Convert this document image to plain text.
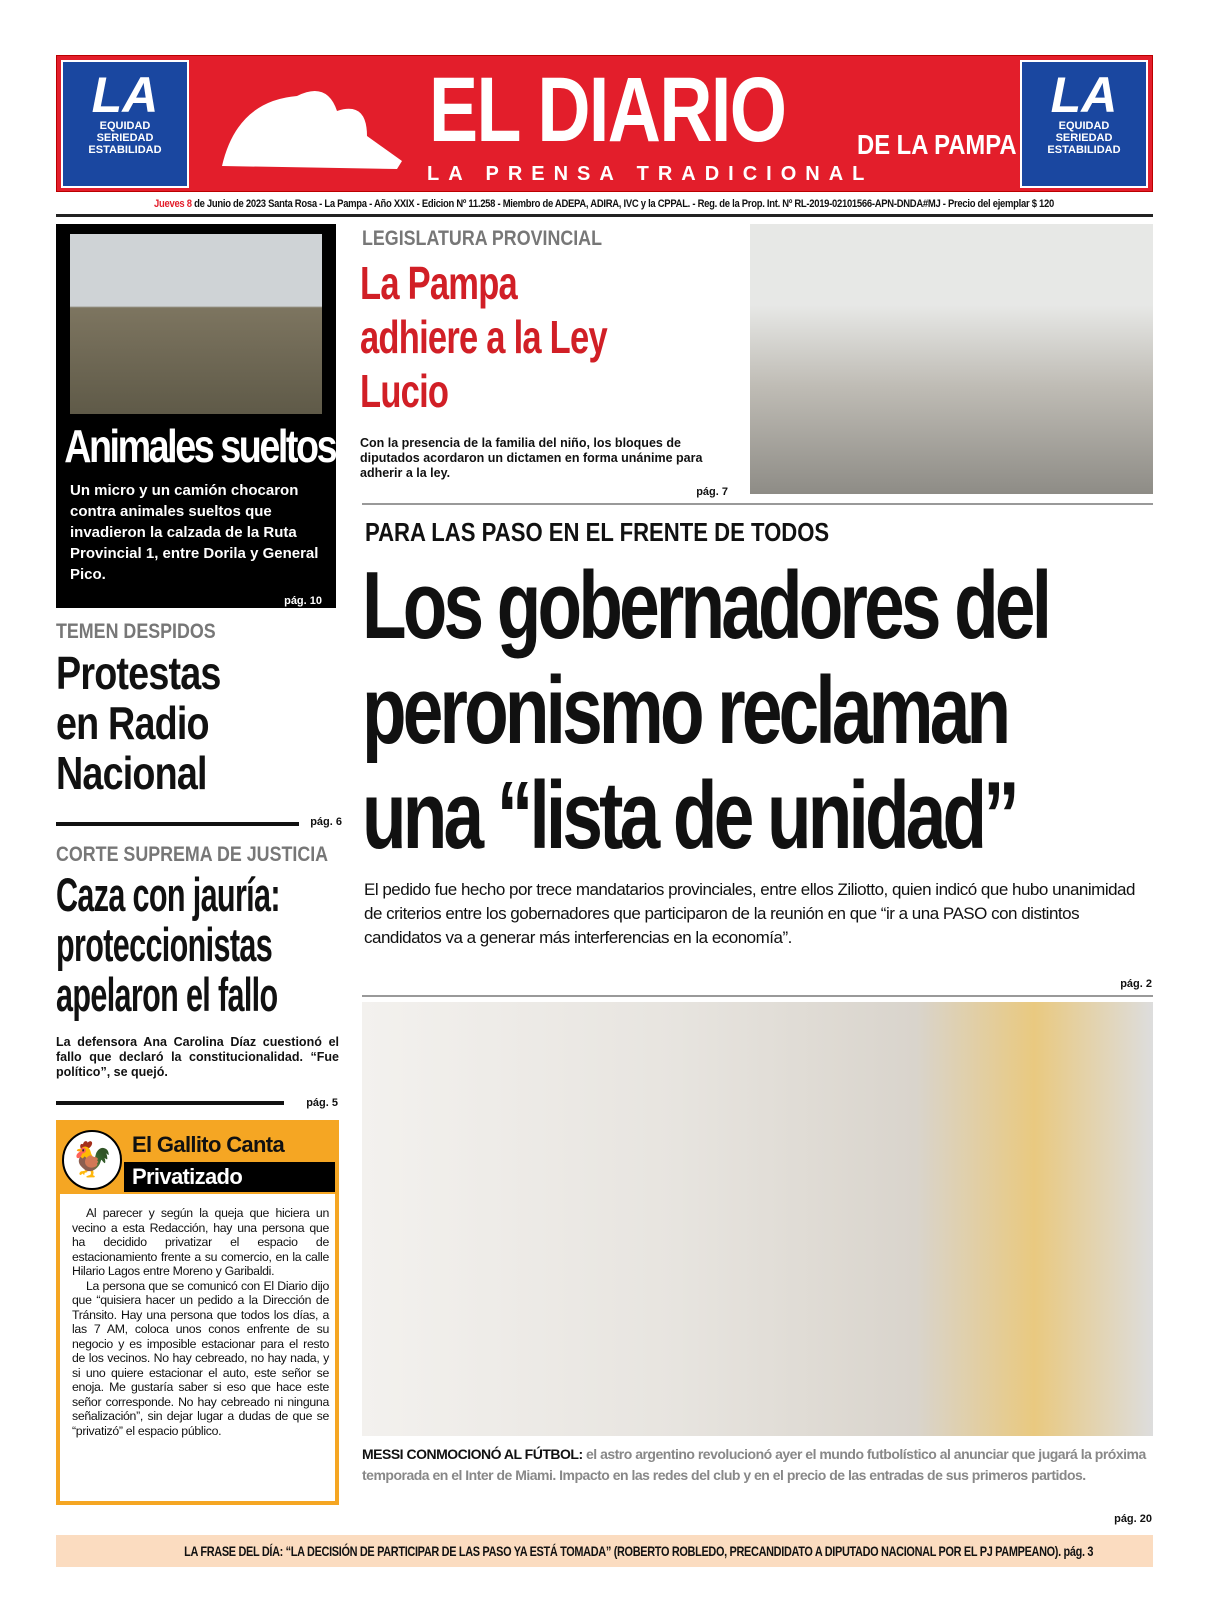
LA
EQUIDAD
SERIEDAD
ESTABILIDAD	EL DIARIO	DE LA PAMPA
LA PRENSA TRADICIONAL
LA
EQUIDAD
SERIEDAD
ESTABILIDAD
Jueves 8 de Junio de 2023 Santa Rosa - La Pampa - Año XXIX - Edicion Nº 11.258 - Miembro de ADEPA, ADIRA, IVC y la CPPAL. - Reg. de la Prop. Int. Nº RL-2019-02101566-APN-DNDA#MJ - Precio del ejemplar $ 120
Animales sueltos

Un micro y un camión chocaron contra animales sueltos que invadieron la calzada de la Ruta Provincial 1, entre Dorila y General Pico.

pág. 10
TEMEN DESPIDOS
Protestas en Radio Nacional
pág. 6
CORTE SUPREMA DE JUSTICIA
Caza con jauría: proteccionistas apelaron el fallo
La defensora Ana Carolina Díaz cuestionó el fallo que declaró la constitucionalidad. “Fue político”, se quejó.
pág. 5
🐓 El Gallito Canta
Privatizado

Al parecer y según la queja que hiciera un vecino a esta Redacción, hay una persona que ha decidido privatizar el espacio de estacionamiento frente a su comercio, en la calle Hilario Lagos entre Moreno y Garibaldi.

La persona que se comunicó con El Diario dijo que “quisiera hacer un pedido a la Dirección de Tránsito. Hay una persona que todos los días, a las 7 AM, coloca unos conos enfrente de su negocio y es imposible estacionar para el resto de los vecinos. No hay cebreado, no hay nada, y si uno quiere estacionar el auto, este señor se enoja. Me gustaría saber si eso que hace este señor corresponde. No hay cebreado ni ninguna señalización”, sin dejar lugar a dudas de que se “privatizó” el espacio público.

LEGISLATURA PROVINCIAL
La Pampa adhiere a la Ley Lucio
Con la presencia de la familia del niño, los bloques de diputados acordaron un dictamen en forma unánime para adherir a la ley.
pág. 7
PARA LAS PASO EN EL FRENTE DE TODOS
Los gobernadores del
peronismo reclaman
una “lista de unidad”
El pedido fue hecho por trece mandatarios provinciales, entre ellos Ziliotto, quien indicó que hubo unanimidad de criterios entre los gobernadores que participaron de la reunión en que “ir a una PASO con distintos candidatos va a generar más interferencias en la economía”.
pág. 2
MESSI CONMOCIONÓ AL FÚTBOL: el astro argentino revolucionó ayer el mundo futbolístico al anunciar que jugará la próxima temporada en el Inter de Miami. Impacto en las redes del club y en el precio de las entradas de sus primeros partidos.
pág. 20
LA FRASE DEL DÍA: “LA DECISIÓN DE PARTICIPAR DE LAS PASO YA ESTÁ TOMADA” (ROBERTO ROBLEDO, PRECANDIDATO A DIPUTADO NACIONAL POR EL PJ PAMPEANO). pág. 3
